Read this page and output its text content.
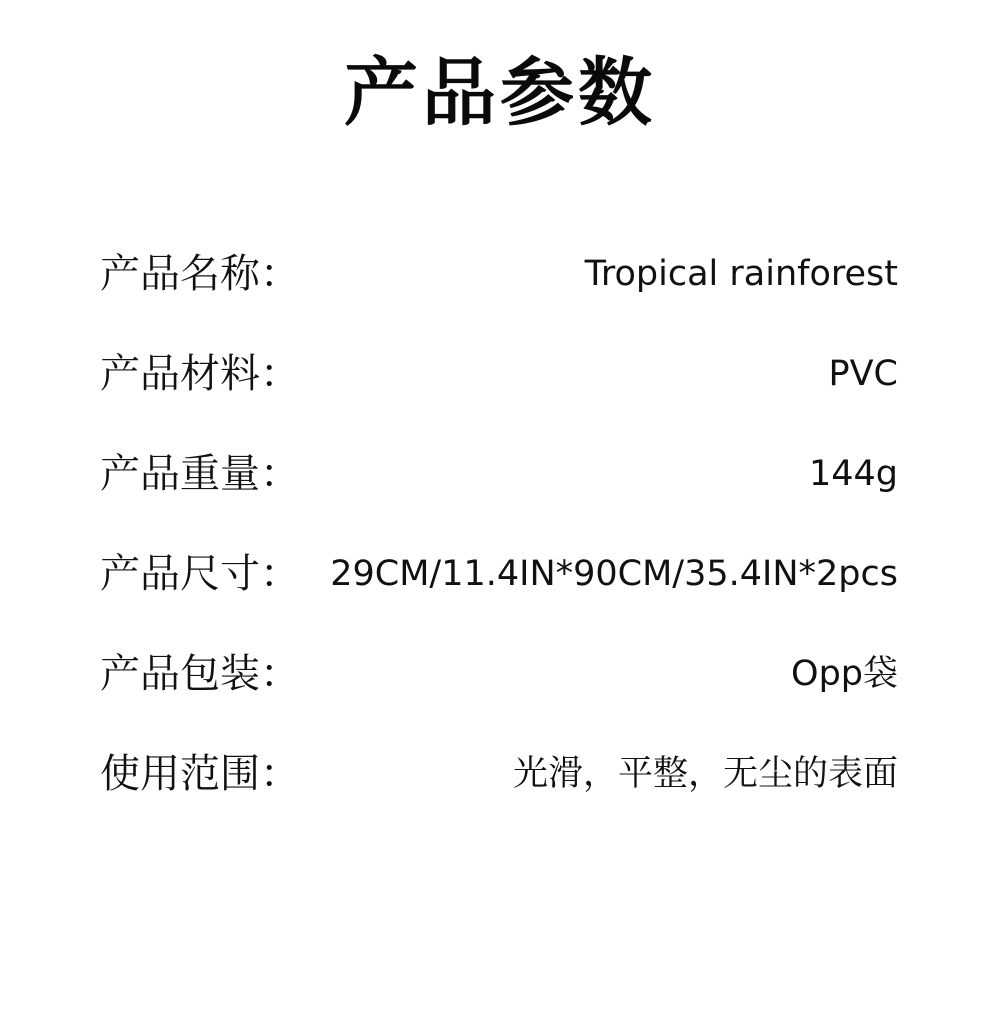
产品参数
产品名称：	Tropical rainforest
产品材料：	PVC
产品重量：	144g
产品尺寸： 29CM/11.4IN*90CM/35.4IN*2pcs
产品包装：	Opp袋
使用范围：	光滑，平整，无尘的表面
